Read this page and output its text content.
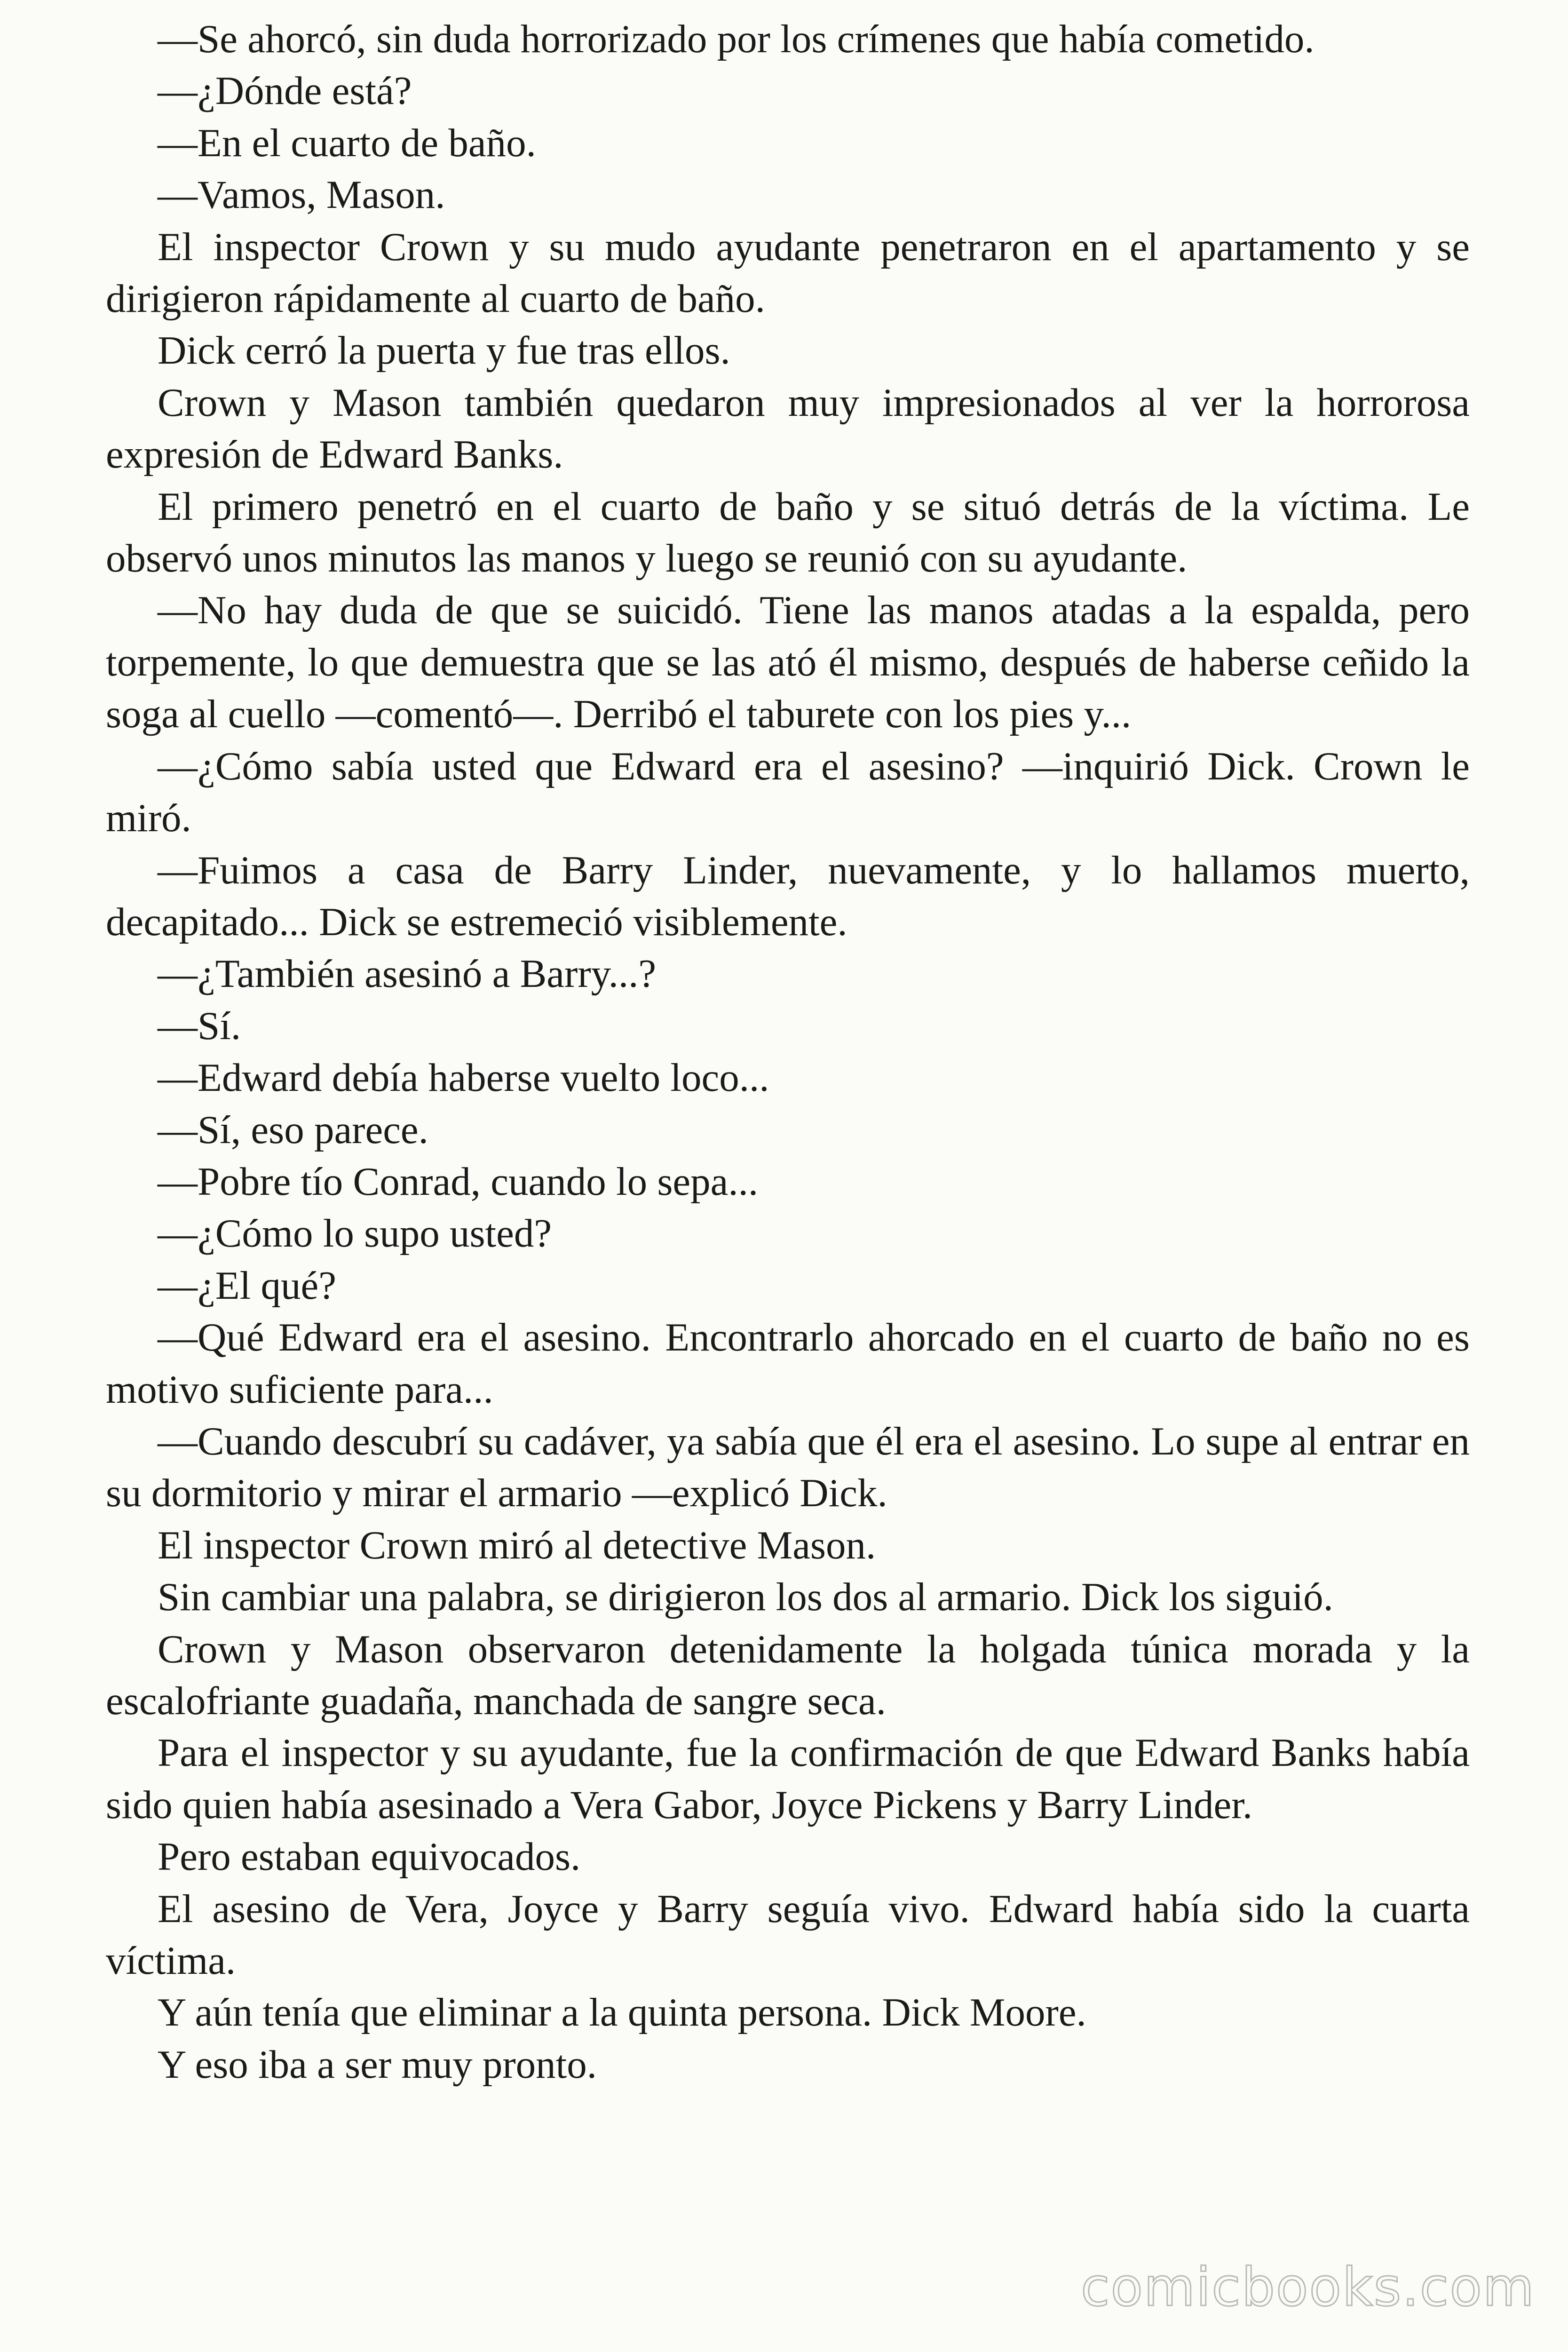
—Se ahorcó, sin duda horrorizado por los crímenes que había cometido.

—¿Dónde está?

—En el cuarto de baño.

—Vamos, Mason.

El inspector Crown y su mudo ayudante penetraron en el apartamento y se dirigieron rápidamente al cuarto de baño.

Dick cerró la puerta y fue tras ellos.

Crown y Mason también quedaron muy impresionados al ver la horrorosa expresión de Edward Banks.

El primero penetró en el cuarto de baño y se situó detrás de la víctima. Le observó unos minutos las manos y luego se reunió con su ayudante.

—No hay duda de que se suicidó. Tiene las manos atadas a la espalda, pero torpemente, lo que demuestra que se las ató él mismo, después de haberse ceñido la soga al cuello —comentó—. Derribó el taburete con los pies y...

—¿Cómo sabía usted que Edward era el asesino? —inquirió Dick. Crown le miró.

—Fuimos a casa de Barry Linder, nuevamente, y lo hallamos muerto, decapitado... Dick se estremeció visiblemente.

—¿También asesinó a Barry...?

—Sí.

—Edward debía haberse vuelto loco...

—Sí, eso parece.

—Pobre tío Conrad, cuando lo sepa...

—¿Cómo lo supo usted?

—¿El qué?

—Qué Edward era el asesino. Encontrarlo ahorcado en el cuarto de baño no es motivo suficiente para...

—Cuando descubrí su cadáver, ya sabía que él era el asesino. Lo supe al entrar en su dormitorio y mirar el armario —explicó Dick.

El inspector Crown miró al detective Mason.

Sin cambiar una palabra, se dirigieron los dos al armario. Dick los siguió.

Crown y Mason observaron detenidamente la holgada túnica morada y la escalofriante guadaña, manchada de sangre seca.

Para el inspector y su ayudante, fue la confirmación de que Edward Banks había sido quien había asesinado a Vera Gabor, Joyce Pickens y Barry Linder.

Pero estaban equivocados.

El asesino de Vera, Joyce y Barry seguía vivo. Edward había sido la cuarta víctima.

Y aún tenía que eliminar a la quinta persona. Dick Moore.

Y eso iba a ser muy pronto.

comicbooks.com
